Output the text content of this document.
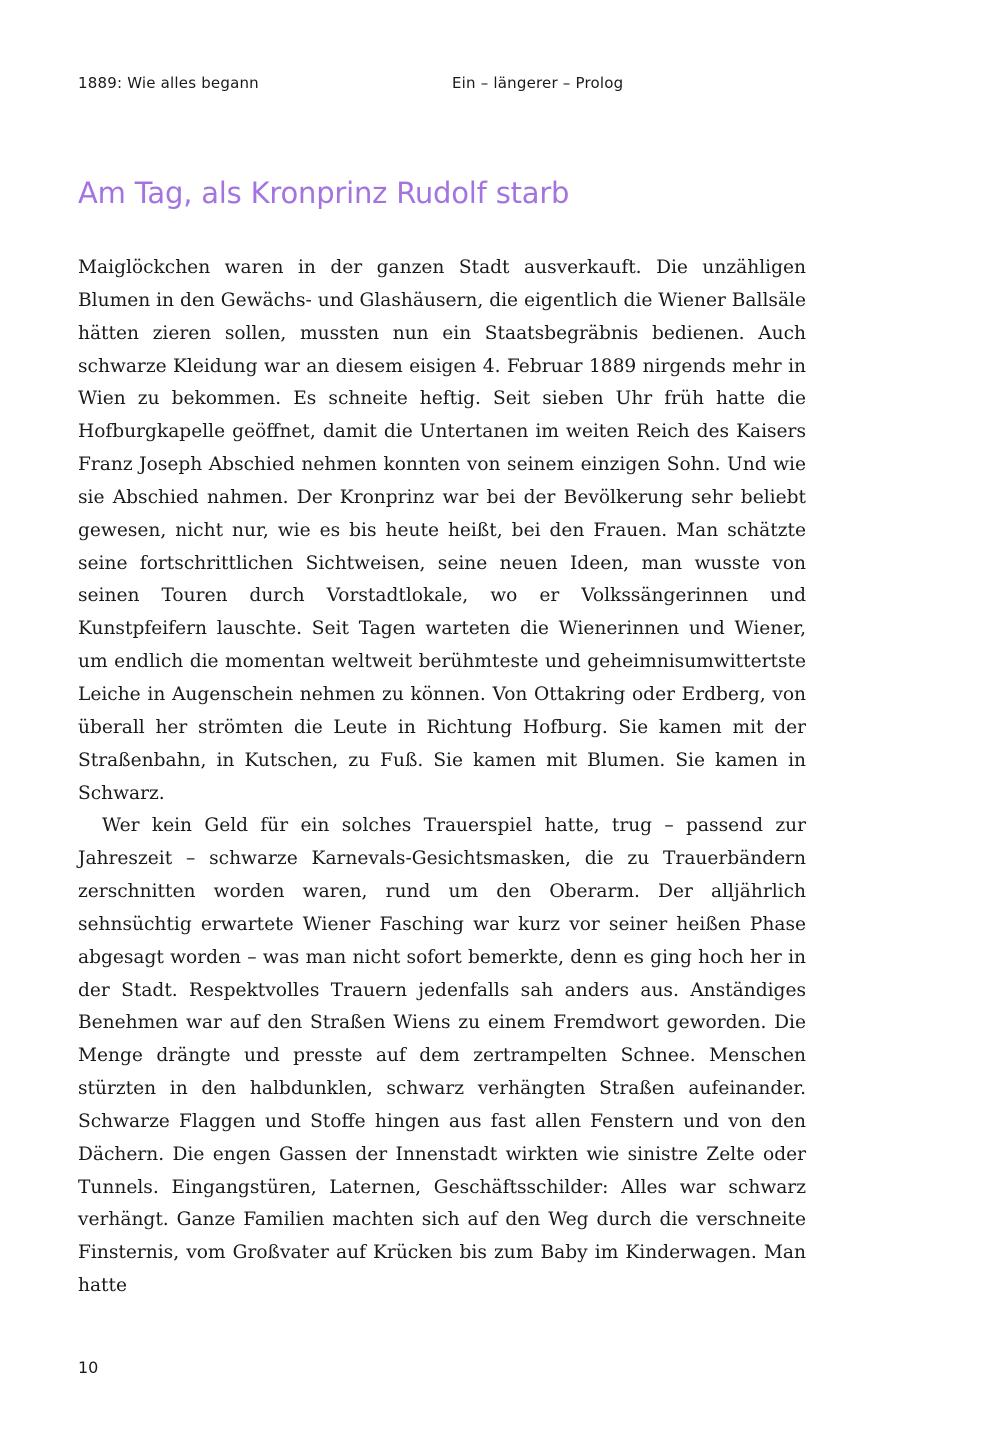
1889: Wie alles begann	Ein – längerer – Prolog
Am Tag, als Kronprinz Rudolf starb

Maiglöckchen waren in der ganzen Stadt ausverkauft. Die unzähligen Blumen in den Gewächs- und Glashäusern, die eigentlich die Wiener Ballsäle hätten zieren sollen, mussten nun ein Staatsbegräbnis bedienen. Auch schwarze Kleidung war an diesem eisigen 4. Februar 1889 nirgends mehr in Wien zu bekommen. Es schneite heftig. Seit sieben Uhr früh hatte die Hofburgkapelle geöffnet, damit die Untertanen im weiten Reich des Kaisers Franz Joseph Abschied nehmen konnten von seinem einzigen Sohn. Und wie sie Abschied nahmen. Der Kronprinz war bei der Bevölkerung sehr beliebt gewesen, nicht nur, wie es bis heute heißt, bei den Frauen. Man schätzte seine fortschrittlichen Sichtweisen, seine neuen Ideen, man wusste von seinen Touren durch Vorstadtlokale, wo er Volkssängerinnen und Kunstpfeifern lauschte. Seit Tagen warteten die Wienerinnen und Wiener, um endlich die momentan weltweit berühmteste und geheimnisumwittertste Leiche in Augenschein nehmen zu können. Von Ottakring oder Erdberg, von überall her strömten die Leute in Richtung Hofburg. Sie kamen mit der Straßenbahn, in Kutschen, zu Fuß. Sie kamen mit Blumen. Sie kamen in Schwarz.

Wer kein Geld für ein solches Trauerspiel hatte, trug – passend zur Jahreszeit – schwarze Karnevals-Gesichtsmasken, die zu Trauerbändern zerschnitten worden waren, rund um den Oberarm. Der alljährlich sehnsüchtig erwartete Wiener Fasching war kurz vor seiner heißen Phase abgesagt worden – was man nicht sofort bemerkte, denn es ging hoch her in der Stadt. Respektvolles Trauern jedenfalls sah anders aus. Anständiges Benehmen war auf den Straßen Wiens zu einem Fremdwort geworden. Die Menge drängte und presste auf dem zertrampelten Schnee. Menschen stürzten in den halbdunklen, schwarz verhängten Straßen aufeinander. Schwarze Flaggen und Stoffe hingen aus fast allen Fenstern und von den Dächern. Die engen Gassen der Innenstadt wirkten wie sinistre Zelte oder Tunnels. Eingangstüren, Laternen, Geschäftsschilder: Alles war schwarz verhängt. Ganze Familien machten sich auf den Weg durch die verschneite Finsternis, vom Großvater auf Krücken bis zum Baby im Kinderwagen. Man hatte

10
